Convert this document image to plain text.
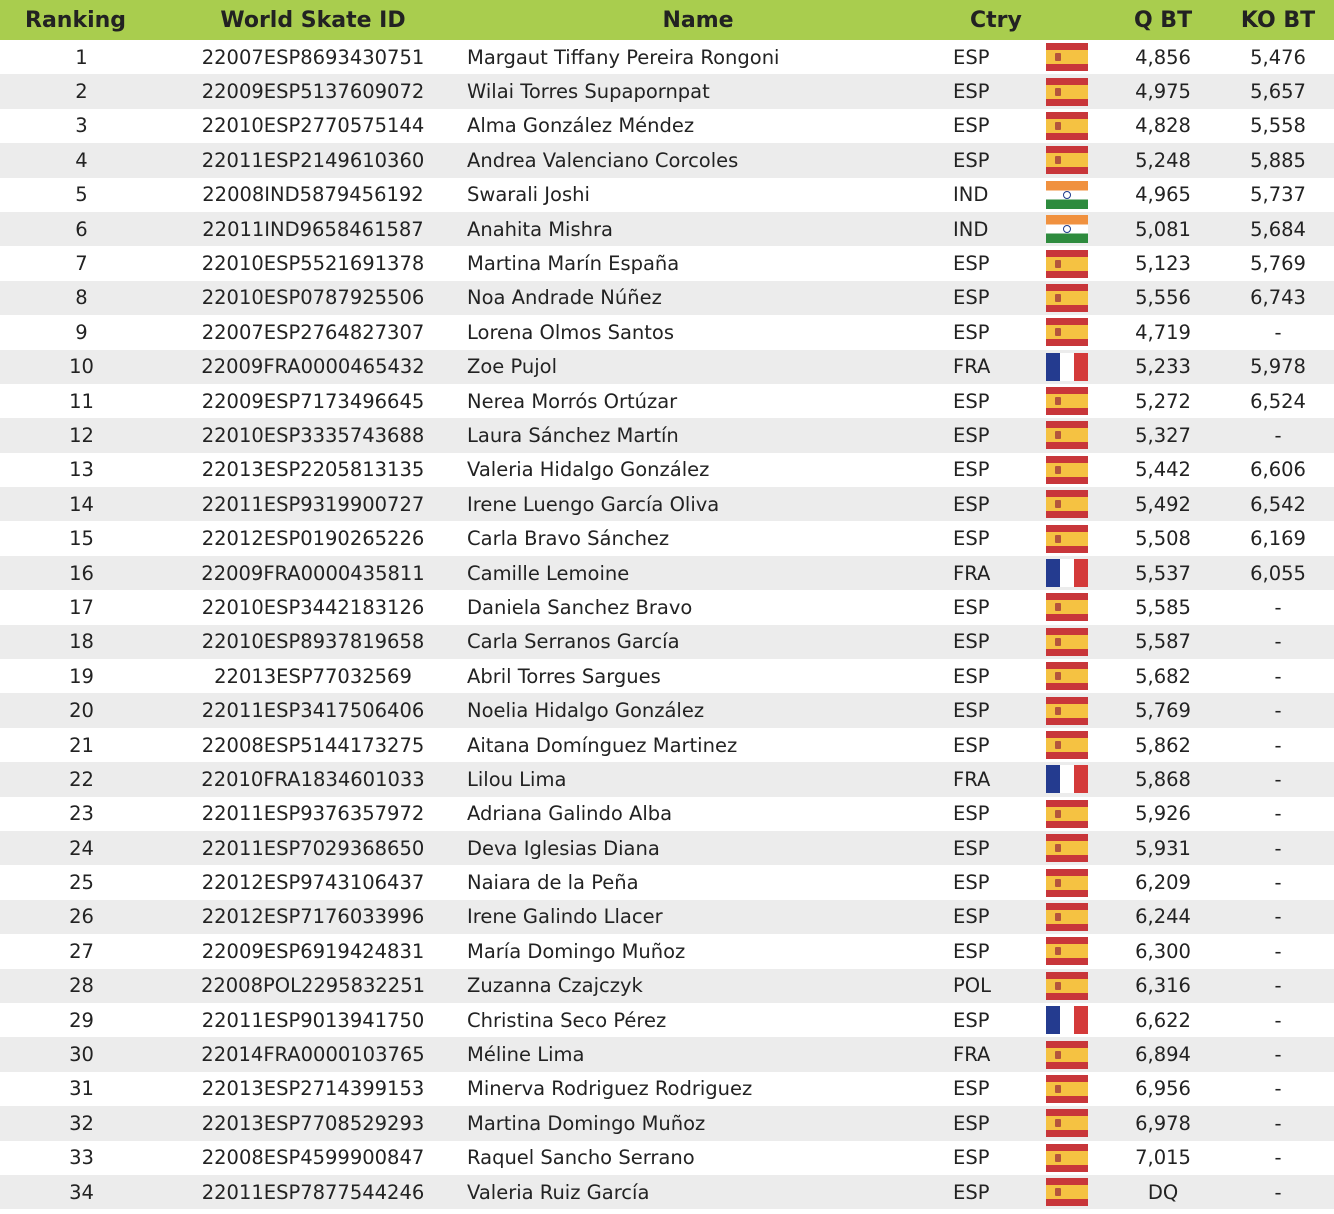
Ranking	World Skate ID	Name	Ctry		Q BT	KO BT
1	22007ESP8693430751	Margaut Tiffany Pereira Rongoni	ESP		4,856	5,476
2	22009ESP5137609072	Wilai Torres Supapornpat	ESP		4,975	5,657
3	22010ESP2770575144	Alma González Méndez	ESP		4,828	5,558
4	22011ESP2149610360	Andrea Valenciano Corcoles	ESP		5,248	5,885
5	22008IND5879456192	Swarali Joshi	IND		4,965	5,737
6	22011IND9658461587	Anahita Mishra	IND		5,081	5,684
7	22010ESP5521691378	Martina Marín España	ESP		5,123	5,769
8	22010ESP0787925506	Noa Andrade Núñez	ESP		5,556	6,743
9	22007ESP2764827307	Lorena Olmos Santos	ESP		4,719	-
10	22009FRA0000465432	Zoe Pujol	FRA		5,233	5,978
11	22009ESP7173496645	Nerea Morrós Ortúzar	ESP		5,272	6,524
12	22010ESP3335743688	Laura Sánchez Martín	ESP		5,327	-
13	22013ESP2205813135	Valeria Hidalgo González	ESP		5,442	6,606
14	22011ESP9319900727	Irene Luengo García Oliva	ESP		5,492	6,542
15	22012ESP0190265226	Carla Bravo Sánchez	ESP		5,508	6,169
16	22009FRA0000435811	Camille Lemoine	FRA		5,537	6,055
17	22010ESP3442183126	Daniela Sanchez Bravo	ESP		5,585	-
18	22010ESP8937819658	Carla Serranos García	ESP		5,587	-
19	22013ESP77032569	Abril Torres Sargues	ESP		5,682	-
20	22011ESP3417506406	Noelia Hidalgo González	ESP		5,769	-
21	22008ESP5144173275	Aitana Domínguez Martinez	ESP		5,862	-
22	22010FRA1834601033	Lilou Lima	FRA		5,868	-
23	22011ESP9376357972	Adriana Galindo Alba	ESP		5,926	-
24	22011ESP7029368650	Deva Iglesias Diana	ESP		5,931	-
25	22012ESP9743106437	Naiara de la Peña	ESP		6,209	-
26	22012ESP7176033996	Irene Galindo Llacer	ESP		6,244	-
27	22009ESP6919424831	María Domingo Muñoz	ESP		6,300	-
28	22008POL2295832251	Zuzanna Czajczyk	POL		6,316	-
29	22011ESP9013941750	Christina Seco Pérez	ESP		6,622	-
30	22014FRA0000103765	Méline Lima	FRA		6,894	-
31	22013ESP2714399153	Minerva Rodriguez Rodriguez	ESP		6,956	-
32	22013ESP7708529293	Martina Domingo Muñoz	ESP		6,978	-
33	22008ESP4599900847	Raquel Sancho Serrano	ESP		7,015	-
34	22011ESP7877544246	Valeria Ruiz García	ESP		DQ	-
